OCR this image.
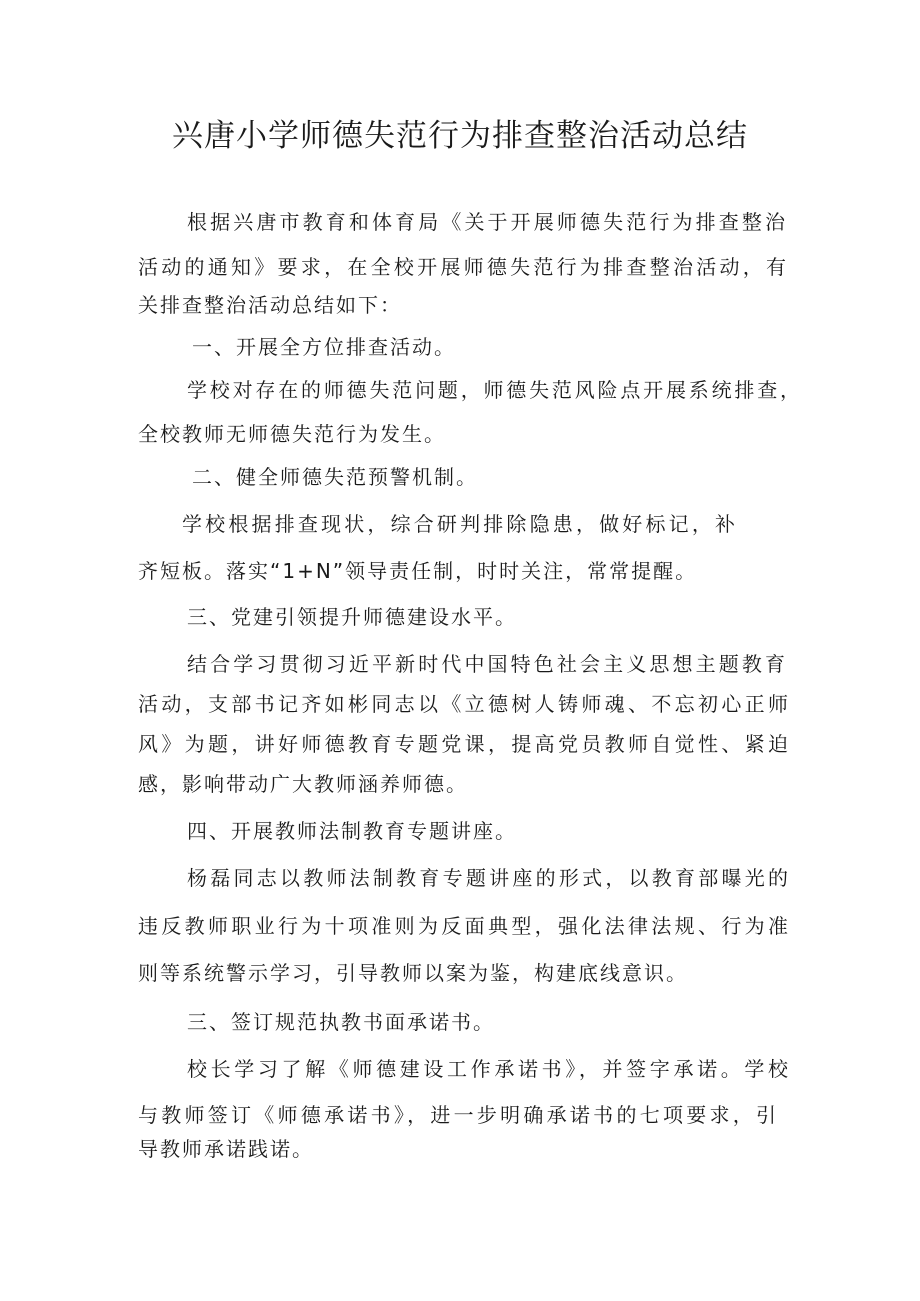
兴唐小学师德失范行为排查整治活动总结

根据兴唐市教育和体育局《关于开展师德失范行为排查整治

活动的通知》要求，在全校开展师德失范行为排查整治活动，有

关排查整治活动总结如下：

一、开展全方位排查活动。

学校对存在的师德失范问题，师德失范风险点开展系统排查，

全校教师无师德失范行为发生。

二、健全师德失范预警机制。

学校根据排查现状，综合研判排除隐患，做好标记，补

齐短板。落实“1+N”领导责任制，时时关注，常常提醒。

三、党建引领提升师德建设水平。

结合学习贯彻习近平新时代中国特色社会主义思想主题教育

活动，支部书记齐如彬同志以《立德树人铸师魂、不忘初心正师

风》为题，讲好师德教育专题党课，提高党员教师自觉性、紧迫

感，影响带动广大教师涵养师德。

四、开展教师法制教育专题讲座。

杨磊同志以教师法制教育专题讲座的形式，以教育部曝光的

违反教师职业行为十项准则为反面典型，强化法律法规、行为准

则等系统警示学习，引导教师以案为鉴，构建底线意识。

三、签订规范执教书面承诺书。

校长学习了解《师德建设工作承诺书》，并签字承诺。学校

与教师签订《师德承诺书》，进一步明确承诺书的七项要求，引

导教师承诺践诺。
